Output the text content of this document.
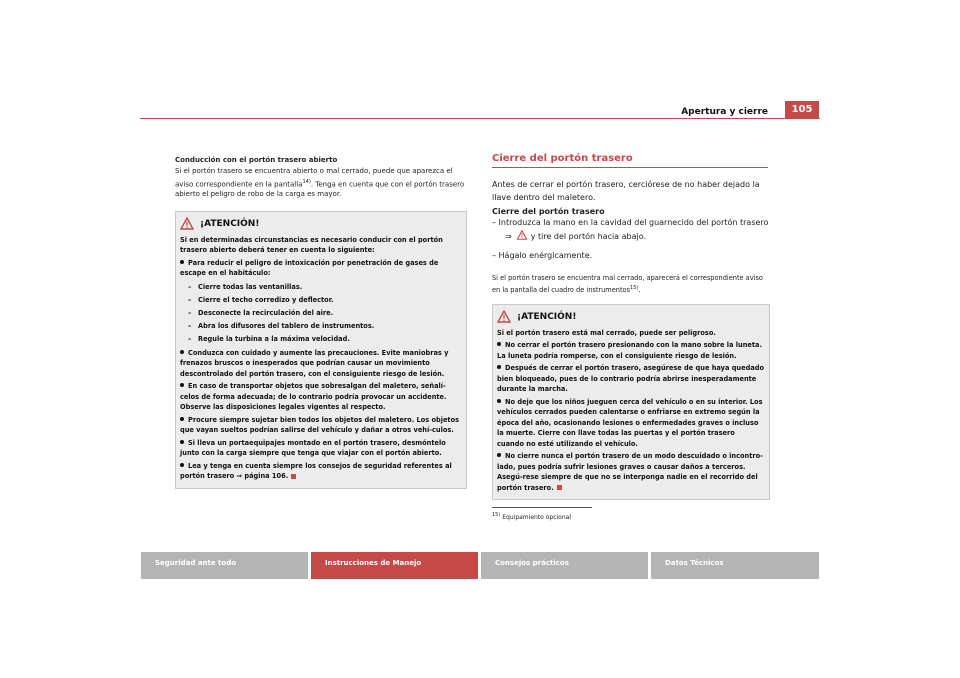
Apertura y cierre	105

Conducción con el portón trasero abierto

Si el portón trasero se encuentra abierto o mal cerrado, puede que aparezca el aviso correspondiente en la pantalla$^{14)}$. Tenga en cuenta que con el portón trasero abierto el peligro de robo de la carga es mayor.

¡ATENCIÓN!

Si en determinadas circunstancias es necesario conducir con el portón trasero abierto deberá tener en cuenta lo siguiente:

Para reducir el peligro de intoxicación por penetración de gases de escape en el habitáculo:

– Cierre todas las ventanillas.
– Cierre el techo corredizo y deflector.
– Desconecte la recirculación del aire.
– Abra los difusores del tablero de instrumentos.
– Regule la turbina a la máxima velocidad.

Conduzca con cuidado y aumente las precauciones. Evite maniobras y frenazos bruscos o inesperados que podrían causar un movimiento descontrolado del portón trasero, con el consiguiente riesgo de lesión.

En caso de transportar objetos que sobresalgan del maletero, señalí-celos de forma adecuada; de lo contrario podría provocar un accidente. Observe las disposiciones legales vigentes al respecto.

Procure siempre sujetar bien todos los objetos del maletero. Los objetos que vayan sueltos podrían salirse del vehículo y dañar a otros vehí-culos.

Si lleva un portaequipajes montado en el portón trasero, desmóntelo junto con la carga siempre que tenga que viajar con el portón abierto.

Lea y tenga en cuenta siempre los consejos de seguridad referentes al portón trasero ⇒ página 106.

Cierre del portón trasero

Antes de cerrar el portón trasero, cerciórese de no haber dejado la llave dentro del maletero.

Cierre del portón trasero

– Introduzca la mano en la cavidad del guarnecido del portón trasero ⇒ y tire del portón hacia abajo.

– Hágalo enérgicamente.

Si el portón trasero se encuentra mal cerrado, aparecerá el correspondiente aviso en la pantalla del cuadro de instrumentos$^{15)}$.

¡ATENCIÓN!

Si el portón trasero está mal cerrado, puede ser peligroso.

No cerrar el portón trasero presionando con la mano sobre la luneta. La luneta podría romperse, con el consiguiente riesgo de lesión.

Después de cerrar el portón trasero, asegúrese de que haya quedado bien bloqueado, pues de lo contrario podría abrirse inesperadamente durante la marcha.

No deje que los niños jueguen cerca del vehículo o en su interior. Los vehículos cerrados pueden calentarse o enfriarse en extremo según la época del año, ocasionando lesiones o enfermedades graves o incluso la muerte. Cierre con llave todas las puertas y el portón trasero cuando no esté utilizando el vehículo.

No cierre nunca el portón trasero de un modo descuidado o incontro-lado, pues podría sufrir lesiones graves o causar daños a terceros. Asegú-rese siempre de que no se interponga nadie en el recorrido del portón trasero.

$^{15)}$ Equipamiento opcional
Seguridad ante todo	Instrucciones de Manejo	Consejos prácticos	Datos Técnicos
